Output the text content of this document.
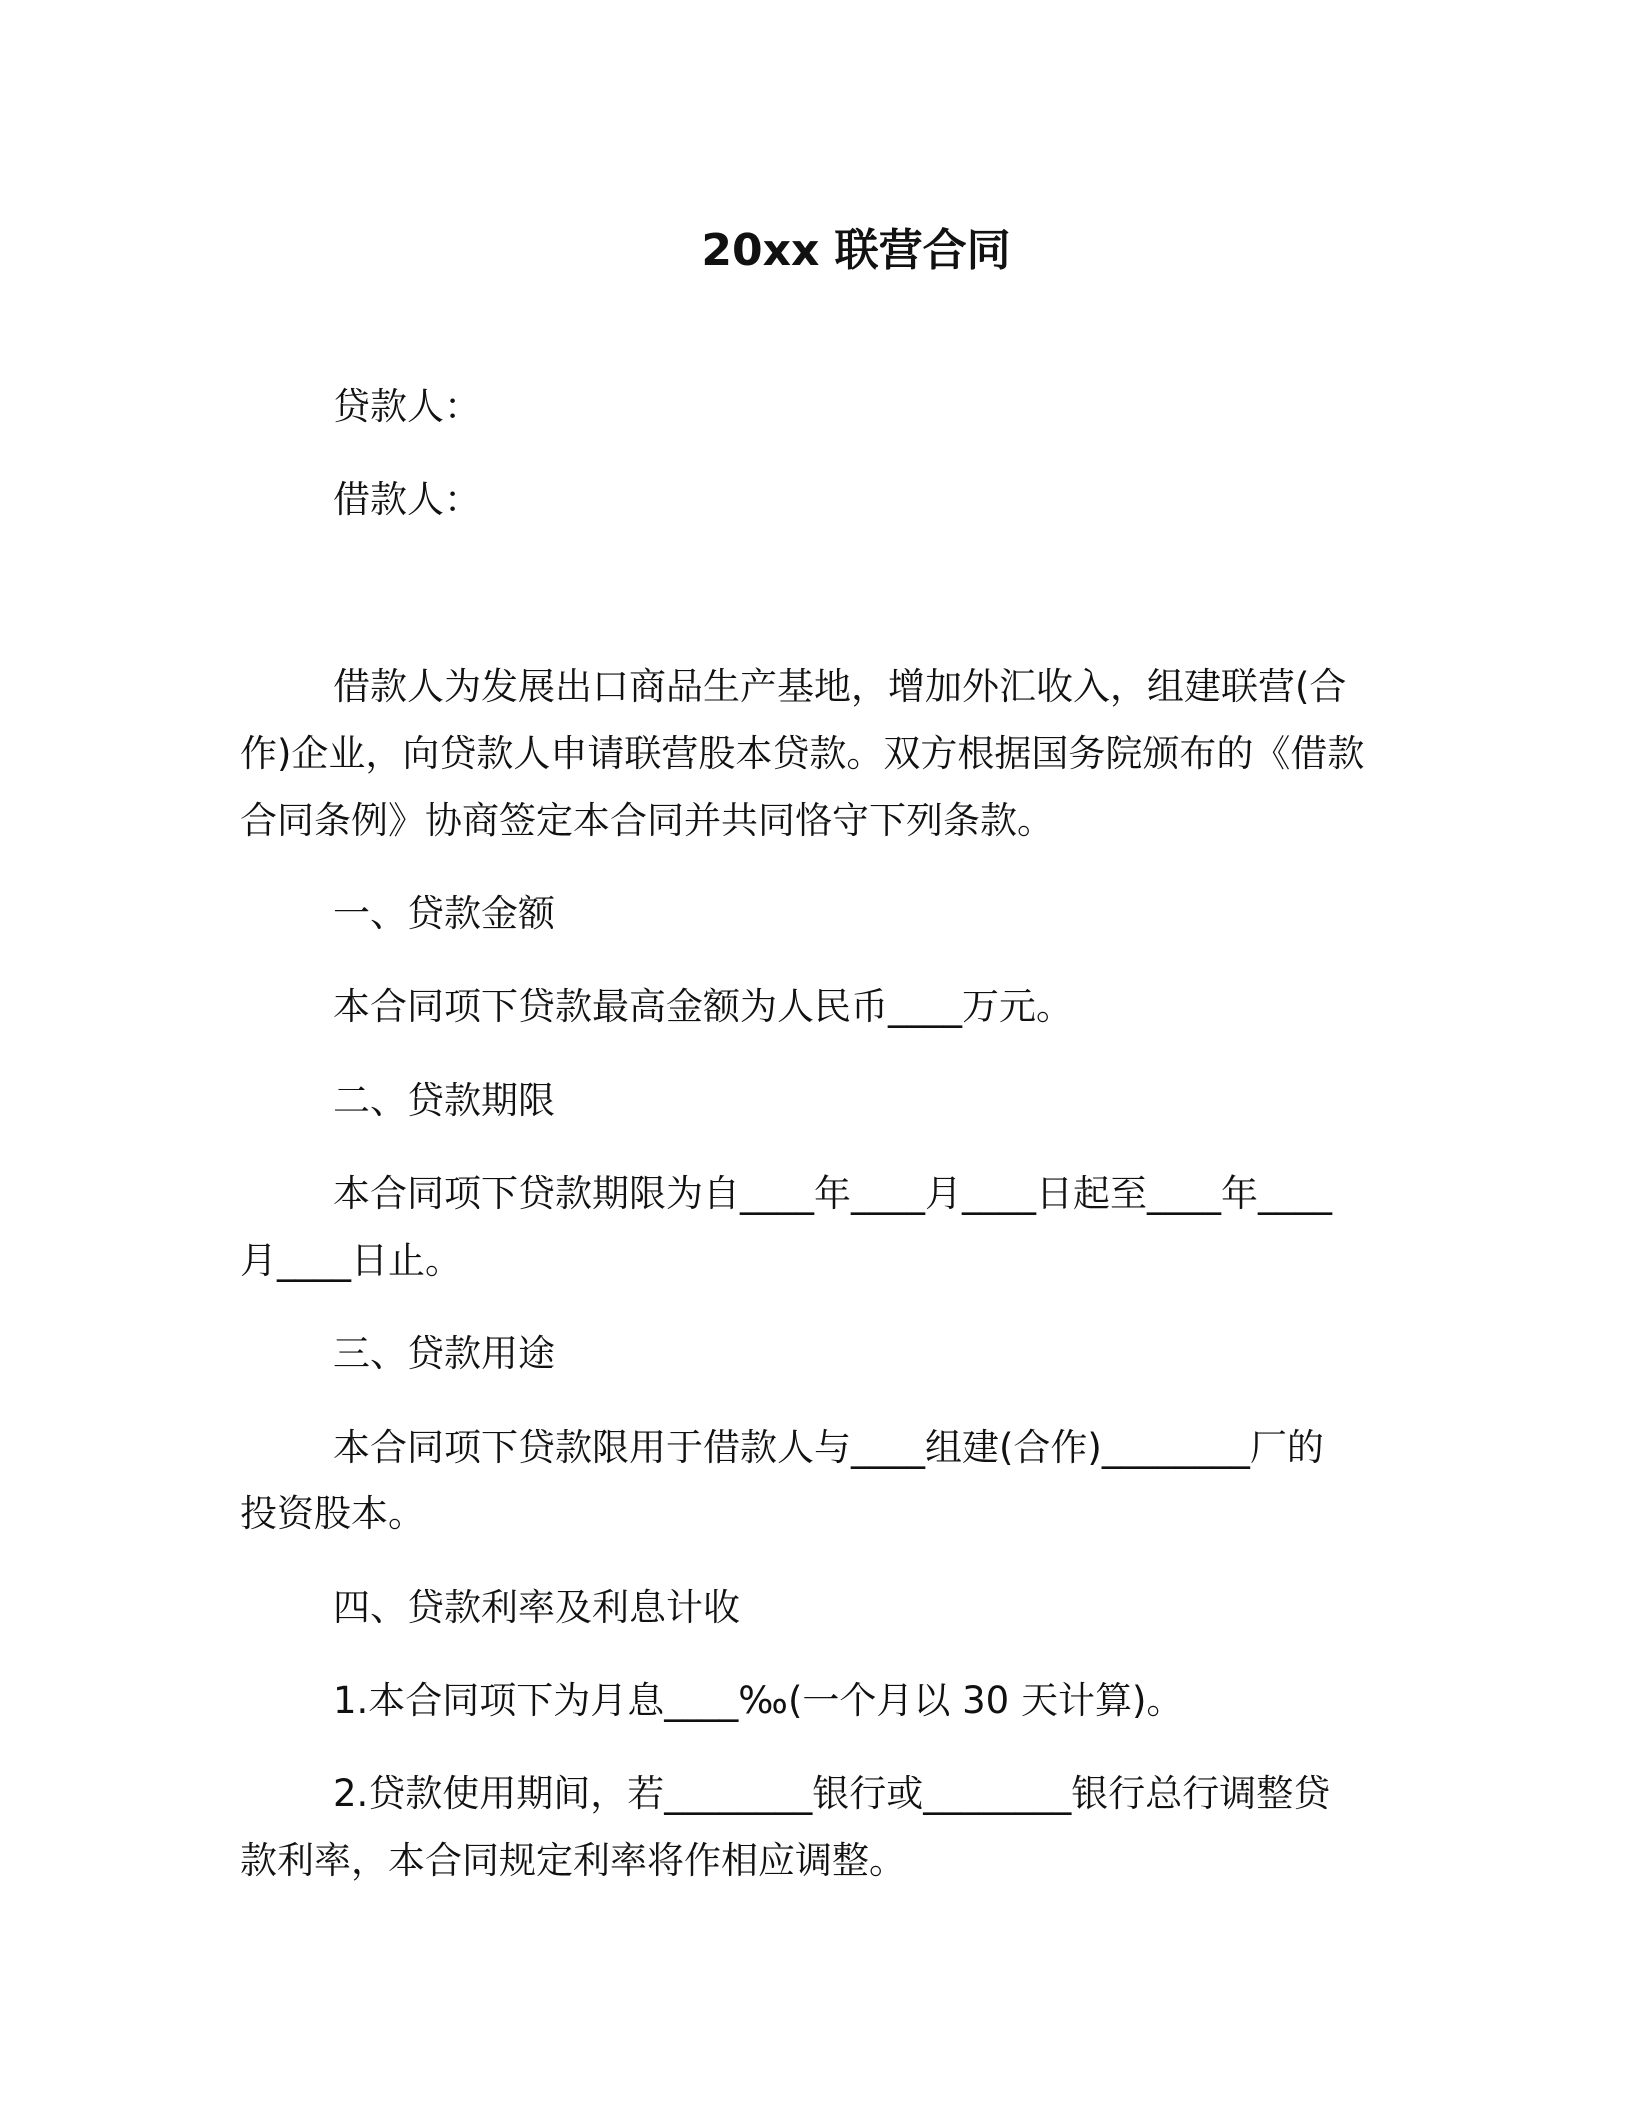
20xx 联营合同
贷款人：
借款人：
借款人为发展出口商品生产基地，增加外汇收入，组建联营(合
作)企业，向贷款人申请联营股本贷款。双方根据国务院颁布的《借款
合同条例》协商签定本合同并共同恪守下列条款。
一、贷款金额
本合同项下贷款最高金额为人民币____万元。
二、贷款期限
本合同项下贷款期限为自____年____月____日起至____年____
月____日止。
三、贷款用途
本合同项下贷款限用于借款人与____组建(合作)________厂的
投资股本。
四、贷款利率及利息计收
1.本合同项下为月息____‰(一个月以 30 天计算)。
2.贷款使用期间，若________银行或________银行总行调整贷
款利率，本合同规定利率将作相应调整。
